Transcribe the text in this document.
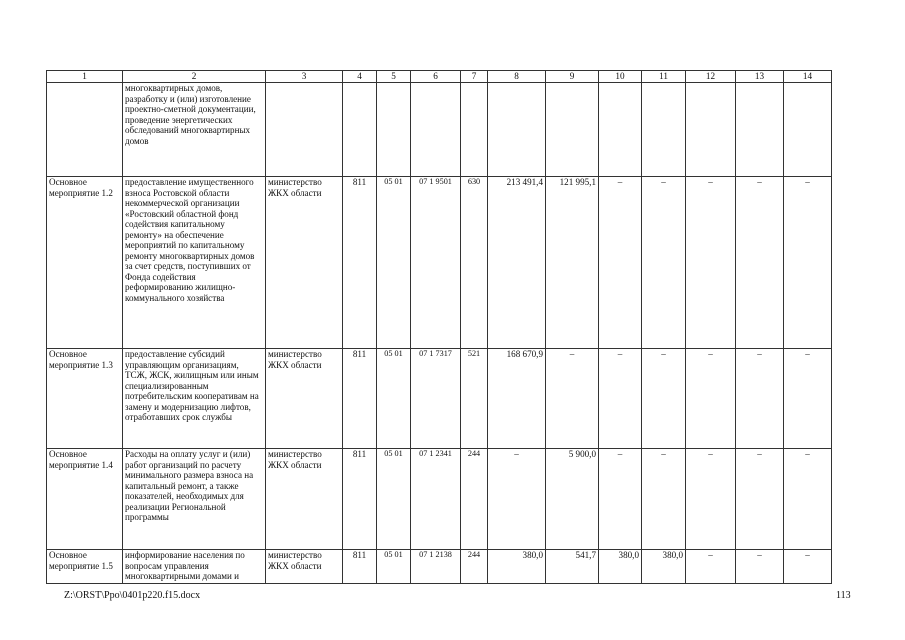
1	2	3	4	5	6	7	8	9	10	11	12	13	14
	многоквартирных домов, разработку и (или) изготовление проектно-сметной документации, проведение энергетических обследований многоквартирных домов												
Основное мероприятие 1.2	предоставление имущественного взноса Ростовской области некоммерческой организации «Ростовский областной фонд содействия капитальному ремонту» на обеспечение мероприятий по капитальному ремонту многоквартирных домов за счет средств, поступивших от Фонда содействия реформированию жилищно-коммунального хозяйства	министерство ЖКХ области	811	05 01	07 1 9501	630	213 491,4	121 995,1	–	–	–	–	–
Основное мероприятие 1.3	предоставление субсидий управляющим организациям, ТСЖ, ЖСК, жилищным или иным специализированным потребительским кооперативам на замену и модернизацию лифтов, отработавших срок службы	министерство ЖКХ области	811	05 01	07 1 7317	521	168 670,9	–	–	–	–	–	–
Основное мероприятие 1.4	Расходы на оплату услуг и (или) работ организаций по расчету минимального размера взноса на капитальный ремонт, а также показателей, необходимых для реализации Региональной программы	министерство ЖКХ области	811	05 01	07 1 2341	244	–	5 900,0	–	–	–	–	–
Основное мероприятие 1.5	информирование населения по вопросам управления многоквартирными домами и	министерство ЖКХ области	811	05 01	07 1 2138	244	380,0	541,7	380,0	380,0	–	–	–
Z:\ORST\Ppo\0401p220.f15.docx	113
